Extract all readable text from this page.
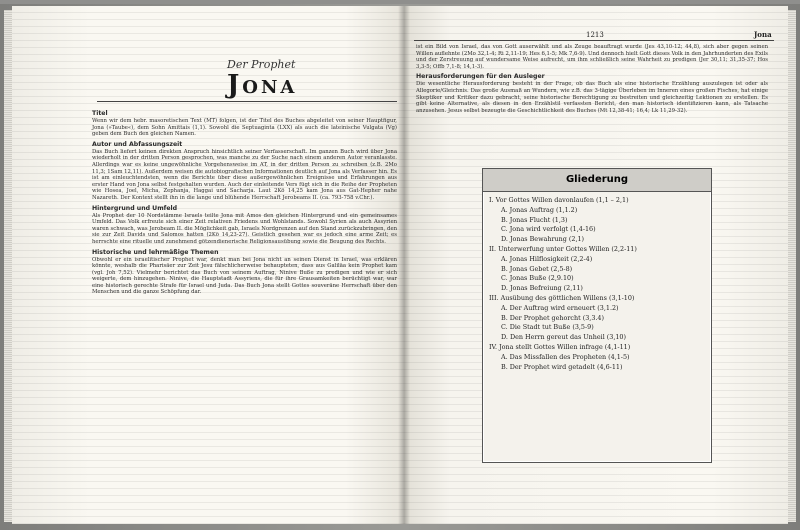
Der Prophet
Jona
Titel

Wenn wir dem hebr. masoretischen Text (MT) folgen, ist der Titel des Buches abgeleitet von seiner Hauptfigur, Jona (»Taube«), dem Sohn Amittais (1,1). Sowohl die Septuaginta (LXX) als auch die lateinische Vulgata (Vg) geben dem Buch den gleichen Namen.

Autor und Abfassungszeit

Das Buch liefert keinen direkten Anspruch hinsichtlich seiner Verfasserschaft. Im ganzen Buch wird über Jona wiederholt in der dritten Person gesprochen, was manche zu der Suche nach einem anderen Autor veranlasste. Allerdings war es keine ungewöhnliche Vorgehensweise im AT, in der dritten Person zu schreiben (z.B. 2Mo 11,3; 1Sam 12,11). Außerdem weisen die autobiografischen Informationen deutlich auf Jona als Verfasser hin. Es ist am einleuchtendsten, wenn die Berichte über diese außergewöhnlichen Ereignisse und Erfahrungen aus erster Hand von Jona selbst festgehalten wurden. Auch der einleitende Vers fügt sich in die Reihe der Propheten wie Hosea, Joel, Micha, Zephanja, Haggai und Sacharja. Laut 2Kö 14,25 kam Jona aus Gat-Hepher nahe Nazareth. Der Kontext stellt ihn in die lange und blühende Herrschaft Jerobeams II. (ca. 793-758 v.Chr.).

Hintergrund und Umfeld

Als Prophet der 10 Nordstämme Israels teilte Jona mit Amos den gleichen Hintergrund und ein gemeinsames Umfeld. Das Volk erfreute sich einer Zeit relativen Friedens und Wohlstands. Sowohl Syrien als auch Assyrien waren schwach, was Jerobeam II. die Möglichkeit gab, Israels Nordgrenzen auf den Stand zurückzubringen, den sie zur Zeit Davids und Salomos hatten (2Kö 14,23-27). Geistlich gesehen war es jedoch eine arme Zeit; es herrschte eine rituelle und zunehmend götzendienerische Religionsausübung sowie die Beugung des Rechts.

Historische und lehrmäßige Themen

Obwohl er ein israelitischer Prophet war, denkt man bei Jona nicht an seinen Dienst in Israel, was erklären könnte, weshalb die Pharisäer zur Zeit Jesu fälschlicherweise behaupteten, dass aus Galiläa kein Prophet kam (vgl. Joh 7,52). Vielmehr berichtet das Buch von seinem Auftrag, Ninive Buße zu predigen und wie er sich weigerte, dem hinzugehen. Ninive, die Hauptstadt Assyriens, die für ihre Grausamkeiten berüchtigt war, war eine historisch gerechte Strafe für Israel und Juda. Das Buch Jona stellt Gottes souveräne Herrschaft über den Menschen und die ganze Schöpfung dar.

1213	Jona

ist ein Bild von Israel, das von Gott auserwählt und als Zeuge beauftragt wurde (Jes 43,10-12; 44,8), sich aber gegen seinen Willen auflehnte (2Mo 32,1-4; Ri 2,11-19; Hes 6,1-5; Mk 7,6-9). Und dennoch hielt Gott dieses Volk in den Jahrhunderten des Exils und der Zerstreuung auf wundersame Weise aufrecht, um ihm schließlich seine Wahrheit zu predigen (Jer 30,11; 31,35-37; Hos 3,3-5; Offb 7,1-8; 14,1-3).

Herausforderungen für den Ausleger

Die wesentliche Herausforderung besteht in der Frage, ob das Buch als eine historische Erzählung auszulegen ist oder als Allegorie/Gleichnis. Das große Ausmaß an Wundern, wie z.B. das 3-tägige Überleben im Inneren eines großen Fisches, hat einige Skeptiker und Kritiker dazu gebracht, seine historische Berechtigung zu bestreiten und gleichzeitig Lektionen zu erstellen. Es gibt keine Alternative, als diesen in den Erzählstil verfassten Bericht, den man historisch identifizieren kann, als Tatsache anzusehen. Jesus selbst bezeugte die Geschichtlichkeit des Buches (Mt 12,38-41; 16,4; Lk 11,29-32).

Gliederung
I. Vor Gottes Willen davonlaufen (1,1 – 2,1)
A. Jonas Auftrag (1,1.2)
B. Jonas Flucht (1,3)
C. Jona wird verfolgt (1,4-16)
D. Jonas Bewahrung (2,1)
II. Unterwerfung unter Gottes Willen (2,2-11)
A. Jonas Hilflosigkeit (2,2-4)
B. Jonas Gebet (2,5-8)
C. Jonas Buße (2,9.10)
D. Jonas Befreiung (2,11)
III. Ausübung des göttlichen Willens (3,1-10)
A. Der Auftrag wird erneuert (3,1.2)
B. Der Prophet gehorcht (3,3.4)
C. Die Stadt tut Buße (3,5-9)
D. Den Herrn gereut das Unheil (3,10)
IV. Jona stellt Gottes Willen infrage (4,1-11)
A. Das Missfallen des Propheten (4,1-5)
B. Der Prophet wird getadelt (4,6-11)
